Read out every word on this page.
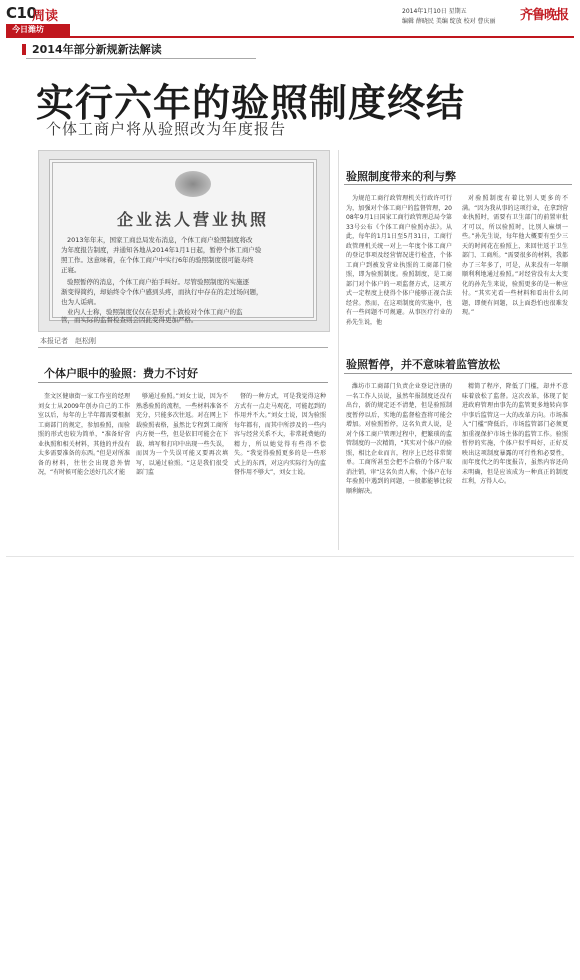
C10
周读
今日潍坊
2014年1月10日 星期五
编辑 薛晓民 美编 绽放 校对 曹庆丽 齐鲁晚报
2014年部分新规新法解读
实行六年的验照制度终结
个体工商户将从验照改为年度报告
企业法人营业执照
2013年年末，国家工商总局发布消息，个体工商户验照制度将改
为年度报告制度，并通知各地从2014年1月1日起，暂停个体工商户验
照工作。这意味着，在个体工商户中实行6年的验照制度很可能寿终
正寝。
验照暂停的消息，个体工商户拍手叫好。尽管验照制度的实施逐
渐变得简约，却始终令个体户感到头疼，而执行中存在的走过场问题，
也为人诟病。
业内人士称，验照制度仅仅在是形式上敦检对个体工商户的监
管，而实际的监督检查则会因此变得更加严格。
本报记者　赵松刚
个体户眼中的验照：费力不讨好

奎文区健康街一家工作室的经理刘女士从2009年创办自己的工作室以后，每年的上半年都需要根据工商部门的规定，参加验照，而验照的形式也较为简单，“准备好营业执照和相关材料，其他的并没有太多需要准备的东西。”但是对所准备的材料，往往会出现意外情况，“有时候可能会送好几次才能

够通过验照。”刘女士说，因为不熟悉验照的流程，一些材料准备不充分，只能多次往返。对在网上下载验照表格，虽然比专程到工商所内方便一些，但是依旧可能会在下载、填写和打印中出现一些失误，而因为一个失误可能又要再次填写，以通过验照。“这是我们很受部门监

督的一种方式，可是我觉得这种方式有一点走马观花，可能起到的作用并不大。”刘女士说，因为验照每年都有，而其中所涉及的一些内容与经营关系不大，非常耗费她的精力，所以她觉得有些得不偿失。“我觉得验照更多的是一些形式上的东西，对这内实际行为的监督作用不够大”，刘女士说。

验照制度带来的利与弊

为规范工商行政管理机关行政许可行为，加强对个体工商户的监督管理，2008年9月1日国家工商行政管理总局令第33号公布《个体工商户验照办法》。从此，每年的1月1日至5月31日，工商行政管理机关统一对上一年度个体工商户的登记事项及经营情况进行检查，个体工商户到被发营业执照的工商部门验照，即为验照制度。验照制度，是工商部门对个体户的一项监督方式，这项方式一定程度上使得个体户能够正视合法经营。然而，在这项制度的实施中，也有一些问题不可规避。从事医疗行业的孙先生说，他

对验照制度有着比别人更多的不满。“因为我从事的这项行业，在拿到营业执照时，需要有卫生部门的前置审批才可以，所以验照时，比别人麻烦一些。”孙先生说，每年他大概要有至少三天的时间花在验照上，来回往返于卫生部门、工商所。“需要很多的材料，我都办了三年多了，可是，从来没有一年顺顺利利地通过验照。”对经营没有太大变化的孙先生来说，验照更多的是一种应付。“其实光看一些材料和看出什么问题，即便有问题，以上面恐怕也很难发现。”

验照暂停，并不意味着监管放松

潍坊市工商部门负责企业登记注册的一名工作人员说，虽然年报制度还没有出台，新的规定还不清楚，但是验照制度暂停以后，实地的监督检查将可能会增加。对验照暂停，这名负责人说，是对个体工商户管理过程中，把繁琐的监管制度的一次精简，“其实对个体户的验照，相比企业而言，程序上已经非常简单。工商所甚至会把不合格的个体户取消注销，审“这名负责人称，个体户在每年验照中遇到的问题，一般都能够比较顺利解决。

精简了程序，降低了门槛，却并不意味着放松了监督。这次改革，体现了促进政府管理由事先的监管更多地转向事中事后监管这一大的改革方向。市场准入“门槛”降低后，市场监管部门必须更加重视保护市场主体的监管工作。验照暂停的实施，个体户似乎叫好，正好反映出这项制度暴露的可行性和必要性，而年度代之的年度报告，虽然内容还尚未明确，但是应该成为一种真正的制度红利，方得人心。
